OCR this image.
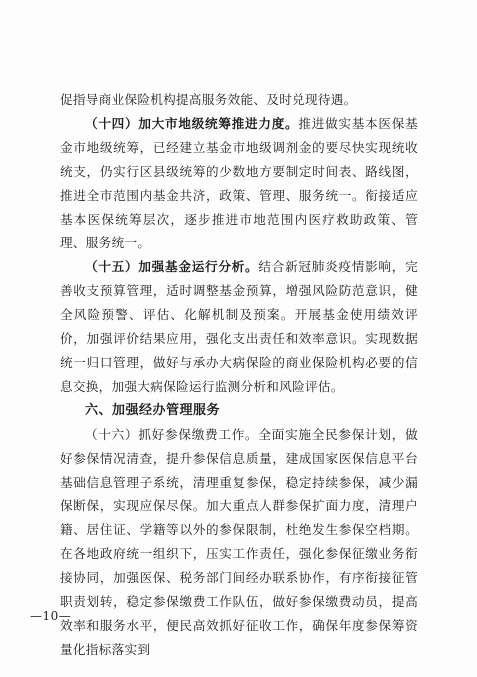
促指导商业保险机构提高服务效能、及时兑现待遇。

（十四）加大市地级统筹推进力度。推进做实基本医保基金市地级统筹，已经建立基金市地级调剂金的要尽快实现统收统支，仍实行区县级统筹的少数地方要制定时间表、路线图，推进全市范围内基金共济，政策、管理、服务统一。衔接适应基本医保统筹层次，逐步推进市地范围内医疗救助政策、管理、服务统一。

（十五）加强基金运行分析。结合新冠肺炎疫情影响，完善收支预算管理，适时调整基金预算，增强风险防范意识，健全风险预警、评估、化解机制及预案。开展基金使用绩效评价，加强评价结果应用，强化支出责任和效率意识。实现数据统一归口管理，做好与承办大病保险的商业保险机构必要的信息交换，加强大病保险运行监测分析和风险评估。

六、加强经办管理服务

（十六）抓好参保缴费工作。全面实施全民参保计划，做好参保情况清查，提升参保信息质量，建成国家医保信息平台基础信息管理子系统，清理重复参保，稳定持续参保，减少漏保断保，实现应保尽保。加大重点人群参保扩面力度，清理户籍、居住证、学籍等以外的参保限制，杜绝发生参保空档期。在各地政府统一组织下，压实工作责任，强化参保征缴业务衔接协同，加强医保、税务部门间经办联系协作，有序衔接征管职责划转，稳定参保缴费工作队伍，做好参保缴费动员，提高效率和服务水平，便民高效抓好征收工作，确保年度参保筹资量化指标落实到

—10—
